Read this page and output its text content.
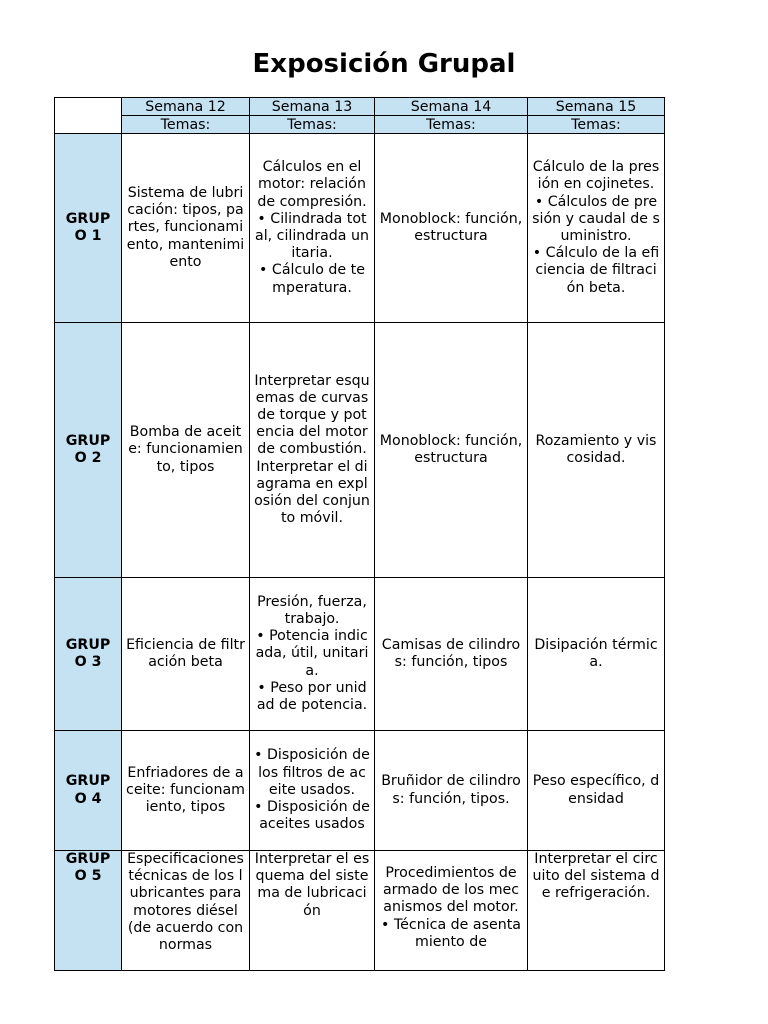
Exposición Grupal
	Semana 12	Semana 13	Semana 14	Semana 15
	Temas:	Temas:	Temas:	Temas:
GRUPO 1	Sistema de lubricación: tipos, partes, funcionamiento, mantenimiento	Cálculos en el motor: relación de compresión.
• Cilindrada total, cilindrada unitaria.
• Cálculo de temperatura.	Monoblock: función, estructura	Cálculo de la presión en cojinetes.
• Cálculos de presión y caudal de suministro.
• Cálculo de la eficiencia de filtración beta.
GRUPO 2	Bomba de aceite: funcionamiento, tipos	Interpretar esquemas de curvas de torque y potencia del motor de combustión.
Interpretar el diagrama en explosión del conjunto móvil.	Monoblock: función, estructura	Rozamiento y viscosidad.
GRUPO 3	Eficiencia de filtración beta	Presión, fuerza, trabajo.
• Potencia indicada, útil, unitaria.
• Peso por unidad de potencia.	Camisas de cilindros: función, tipos	Disipación térmica.
GRUPO 4	Enfriadores de aceite: funcionamiento, tipos	• Disposición de los filtros de aceite usados.
• Disposición de aceites usados	Bruñidor de cilindros: función, tipos.	Peso específico, densidad
GRUPO 5	Especificaciones técnicas de los lubricantes para motores diésel (de acuerdo con normas	Interpretar el esquema del sistema de lubricación	Procedimientos de armado de los mecanismos del motor.
• Técnica de asentamiento de	Interpretar el circuito del sistema de refrigeración.
